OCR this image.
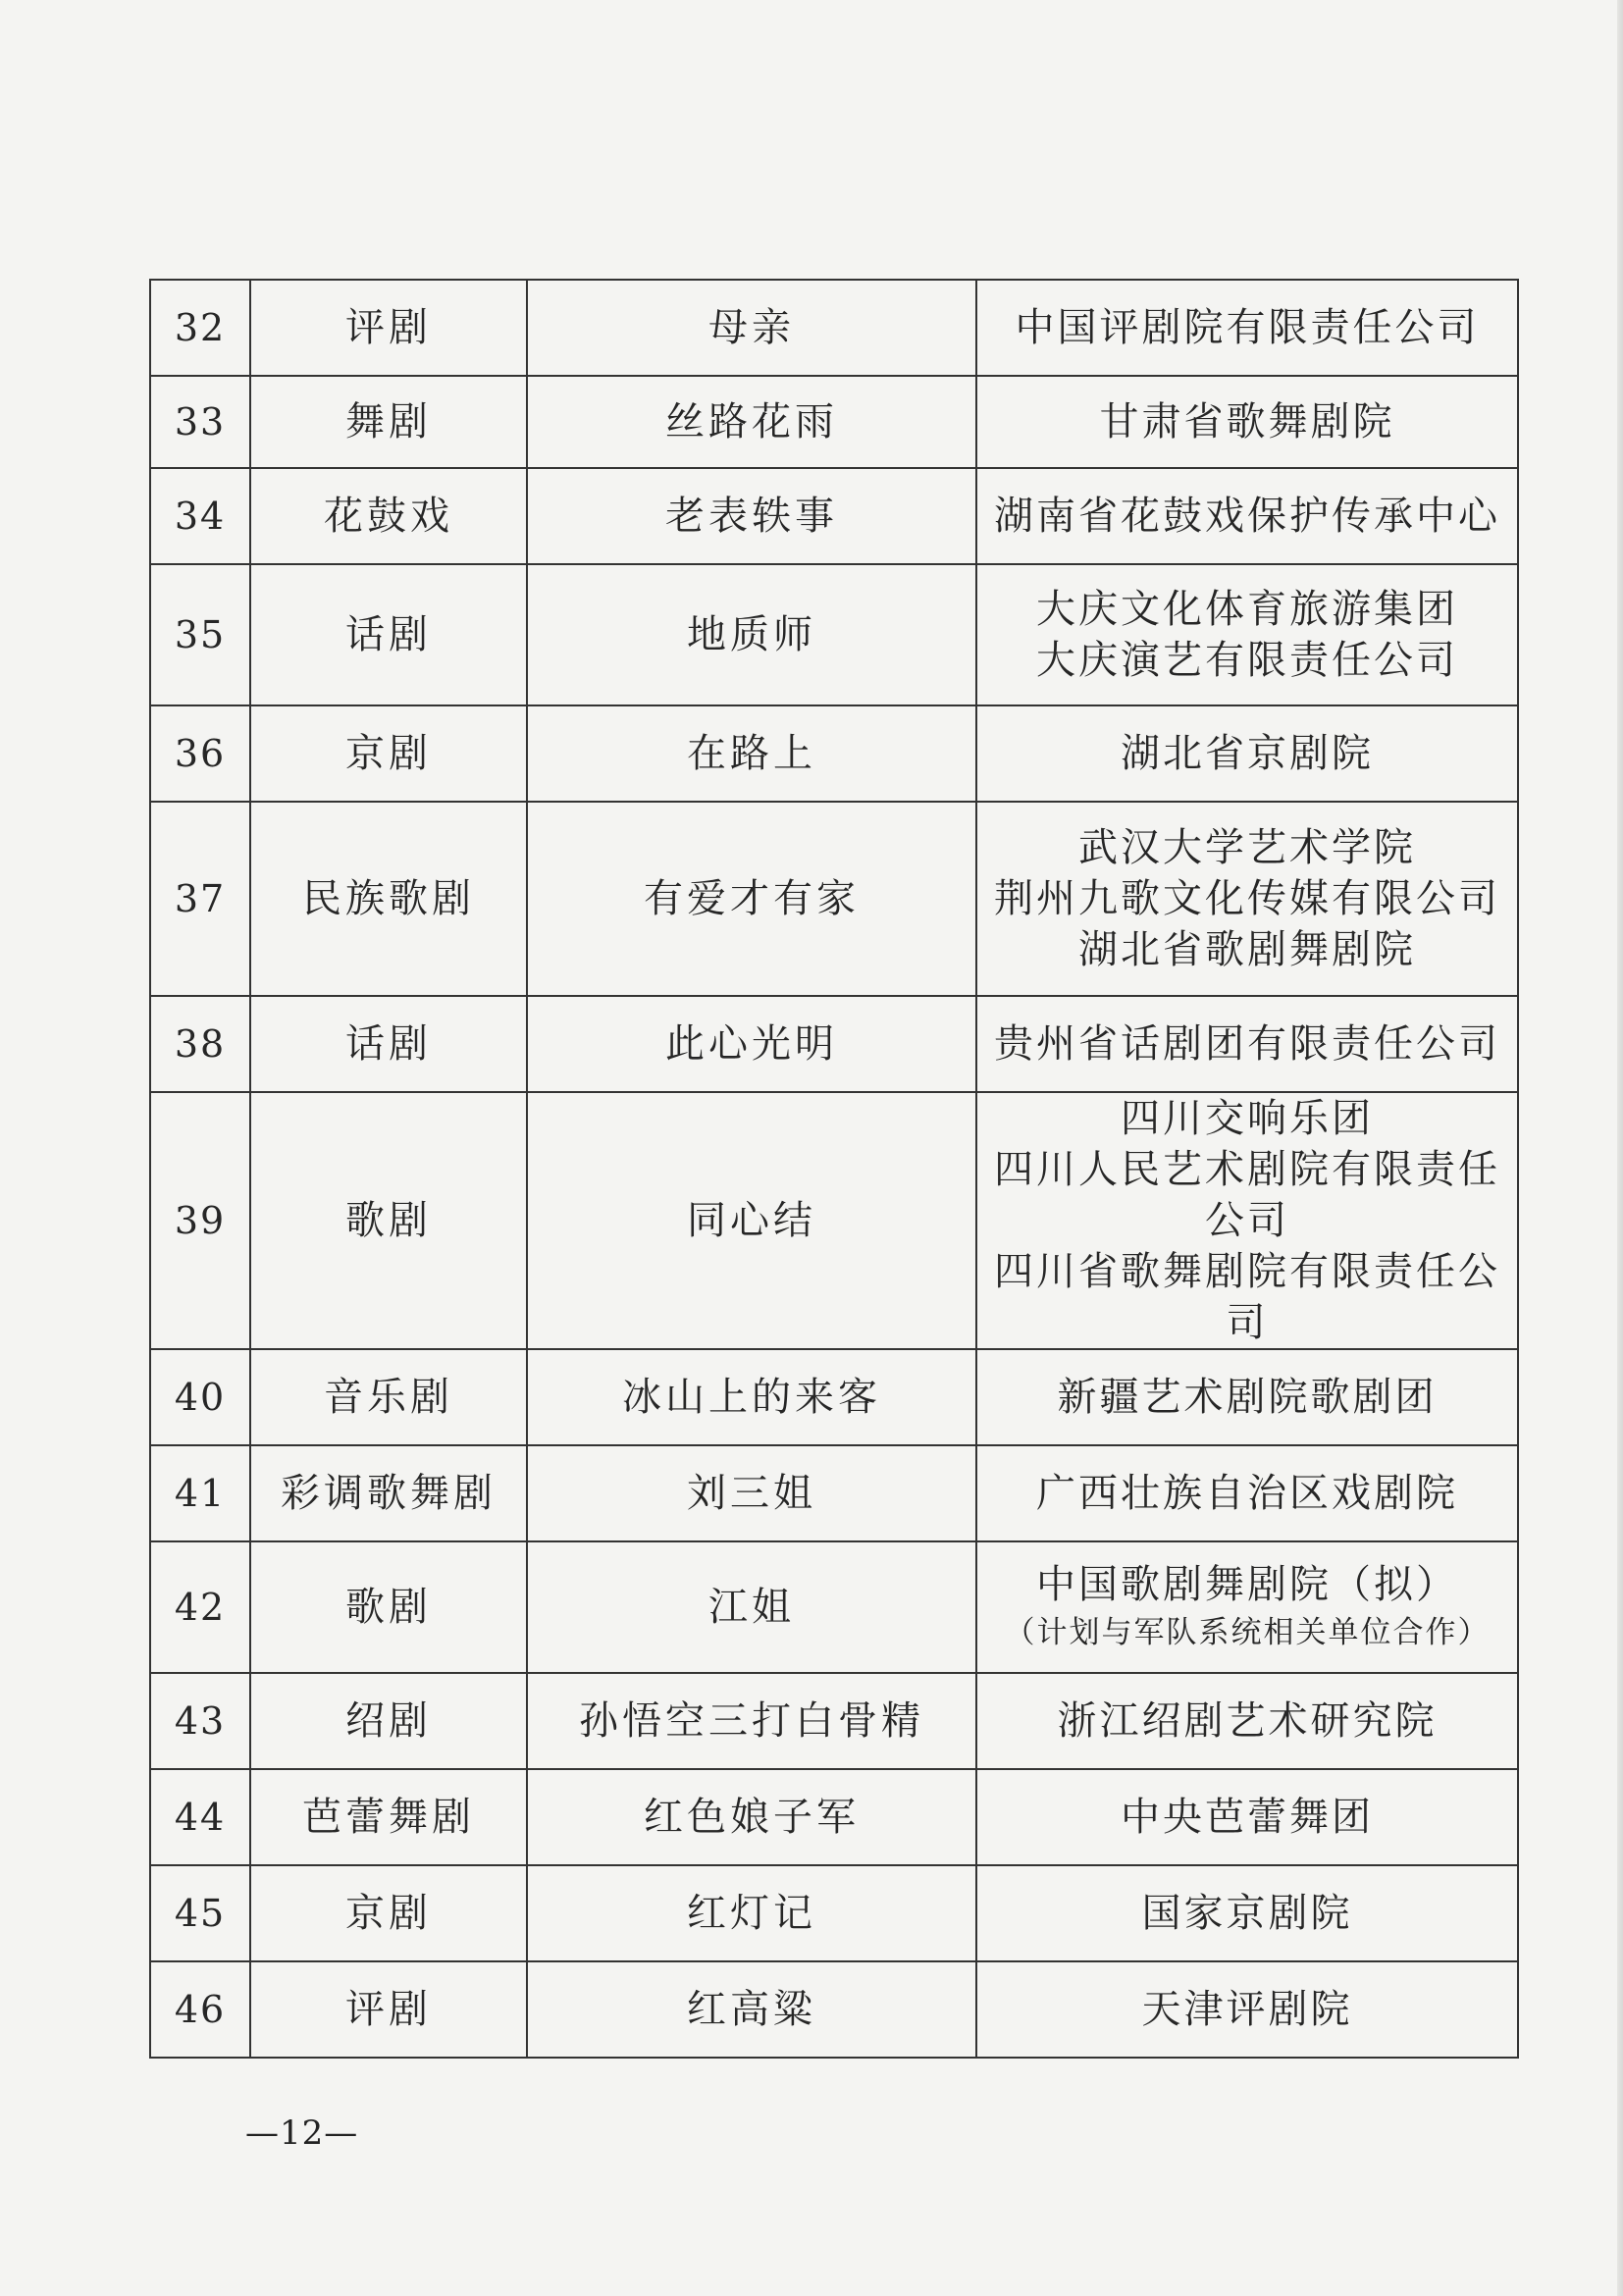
32	评剧	母亲	中国评剧院有限责任公司

33	舞剧	丝路花雨	甘肃省歌舞剧院

34	花鼓戏	老表轶事	湖南省花鼓戏保护传承中心

35	话剧	地质师	大庆文化体育旅游集团
大庆演艺有限责任公司

36	京剧	在路上	湖北省京剧院

37	民族歌剧	有爱才有家	武汉大学艺术学院
荆州九歌文化传媒有限公司
湖北省歌剧舞剧院

38	话剧	此心光明	贵州省话剧团有限责任公司

39	歌剧	同心结	四川交响乐团
四川人民艺术剧院有限责任公司
四川省歌舞剧院有限责任公司

40	音乐剧	冰山上的来客	新疆艺术剧院歌剧团

41	彩调歌舞剧	刘三姐	广西壮族自治区戏剧院

42	歌剧	江姐	中国歌剧舞剧院（拟）
（计划与军队系统相关单位合作）

43	绍剧	孙悟空三打白骨精	浙江绍剧艺术研究院

44	芭蕾舞剧	红色娘子军	中央芭蕾舞团

45	京剧	红灯记	国家京剧院

46	评剧	红高粱	天津评剧院
—12—
